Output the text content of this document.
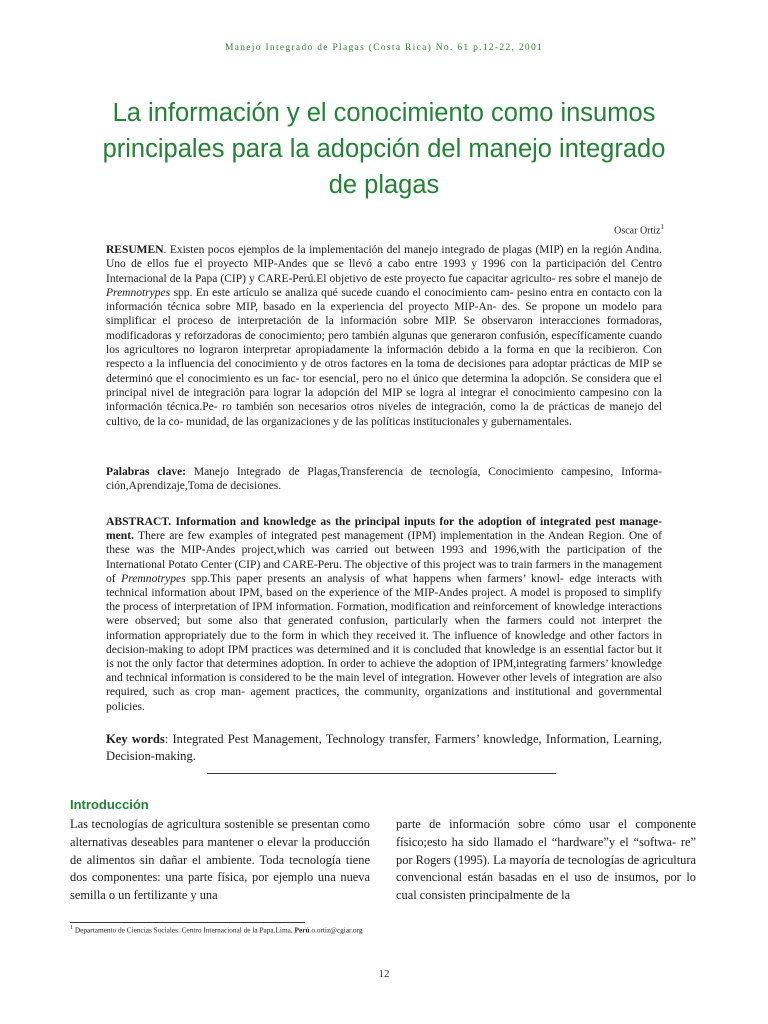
Manejo Integrado de Plagas (Costa Rica) No. 61 p.12-22, 2001
La información y el conocimiento como insumos principales para la adopción del manejo integrado de plagas
Oscar Ortiz$^1$
RESUMEN. Existen pocos ejemplos de la implementación del manejo integrado de plagas (MIP) en la región Andina. Uno de ellos fue el proyecto MIP-Andes que se llevó a cabo entre 1993 y 1996 con la participación del Centro Internacional de la Papa (CIP) y CARE-Perú.El objetivo de este proyecto fue capacitar agriculto- res sobre el manejo de Premnotrypes spp. En este artículo se analiza qué sucede cuando el conocimiento cam- pesino entra en contacto con la información técnica sobre MIP, basado en la experiencia del proyecto MIP-An- des. Se propone un modelo para simplificar el proceso de interpretación de la información sobre MIP. Se observaron interacciones formadoras, modificadoras y reforzadoras de conocimiento; pero también algunas que generaron confusión, específicamente cuando los agricultores no lograron interpretar apropiadamente la información debido a la forma en que la recibieron. Con respecto a la influencia del conocimiento y de otros factores en la toma de decisiones para adoptar prácticas de MIP se determinó que el conocimiento es un fac- tor esencial, pero no el único que determina la adopción. Se considera que el principal nivel de integración para lograr la adopción del MIP se logra al integrar el conocimiento campesino con la información técnica.Pe- ro también son necesarios otros niveles de integración, como la de prácticas de manejo del cultivo, de la co- munidad, de las organizaciones y de las políticas institucionales y gubernamentales.
Palabras clave: Manejo Integrado de Plagas,Transferencia de tecnología, Conocimiento campesino, Informa- ción,Aprendizaje,Toma de decisiones.
ABSTRACT. Information and knowledge as the principal inputs for the adoption of integrated pest manage- ment. There are few examples of integrated pest management (IPM) implementation in the Andean Region. One of these was the MIP-Andes project,which was carried out between 1993 and 1996,with the participation of the International Potato Center (CIP) and CARE-Peru. The objective of this project was to train farmers in the management of Premnotrypes spp.This paper presents an analysis of what happens when farmers’ knowl- edge interacts with technical information about IPM, based on the experience of the MIP-Andes project. A model is proposed to simplify the process of interpretation of IPM information. Formation, modification and reinforcement of knowledge interactions were observed; but some also that generated confusion, particularly when the farmers could not interpret the information appropriately due to the form in which they received it. The influence of knowledge and other factors in decision-making to adopt IPM practices was determined and it is concluded that knowledge is an essential factor but it is not the only factor that determines adoption. In order to achieve the adoption of IPM,integrating farmers’ knowledge and technical information is considered to be the main level of integration. However other levels of integration are also required, such as crop man- agement practices, the community, organizations and institutional and governmental policies.
Key words: Integrated Pest Management, Technology transfer, Farmers’ knowledge, Information, Learning, Decision-making.
Introducción
Las tecnologías de agricultura sostenible se presentan como alternativas deseables para mantener o elevar la producción de alimentos sin dañar el ambiente. Toda tecnología tiene dos componentes: una parte física, por ejemplo una nueva semilla o un fertilizante y una
parte de información sobre cómo usar el componente físico;esto ha sido llamado el “hardware”y el “softwa- re” por Rogers (1995). La mayoría de tecnologías de agricultura convencional están basadas en el uso de insumos, por lo cual consisten principalmente de la
$^1$ Departamento de Ciencias Sociales. Centro Internacional de la Papa.Lima, Perú.o.ortiz@cgiar.org
12
